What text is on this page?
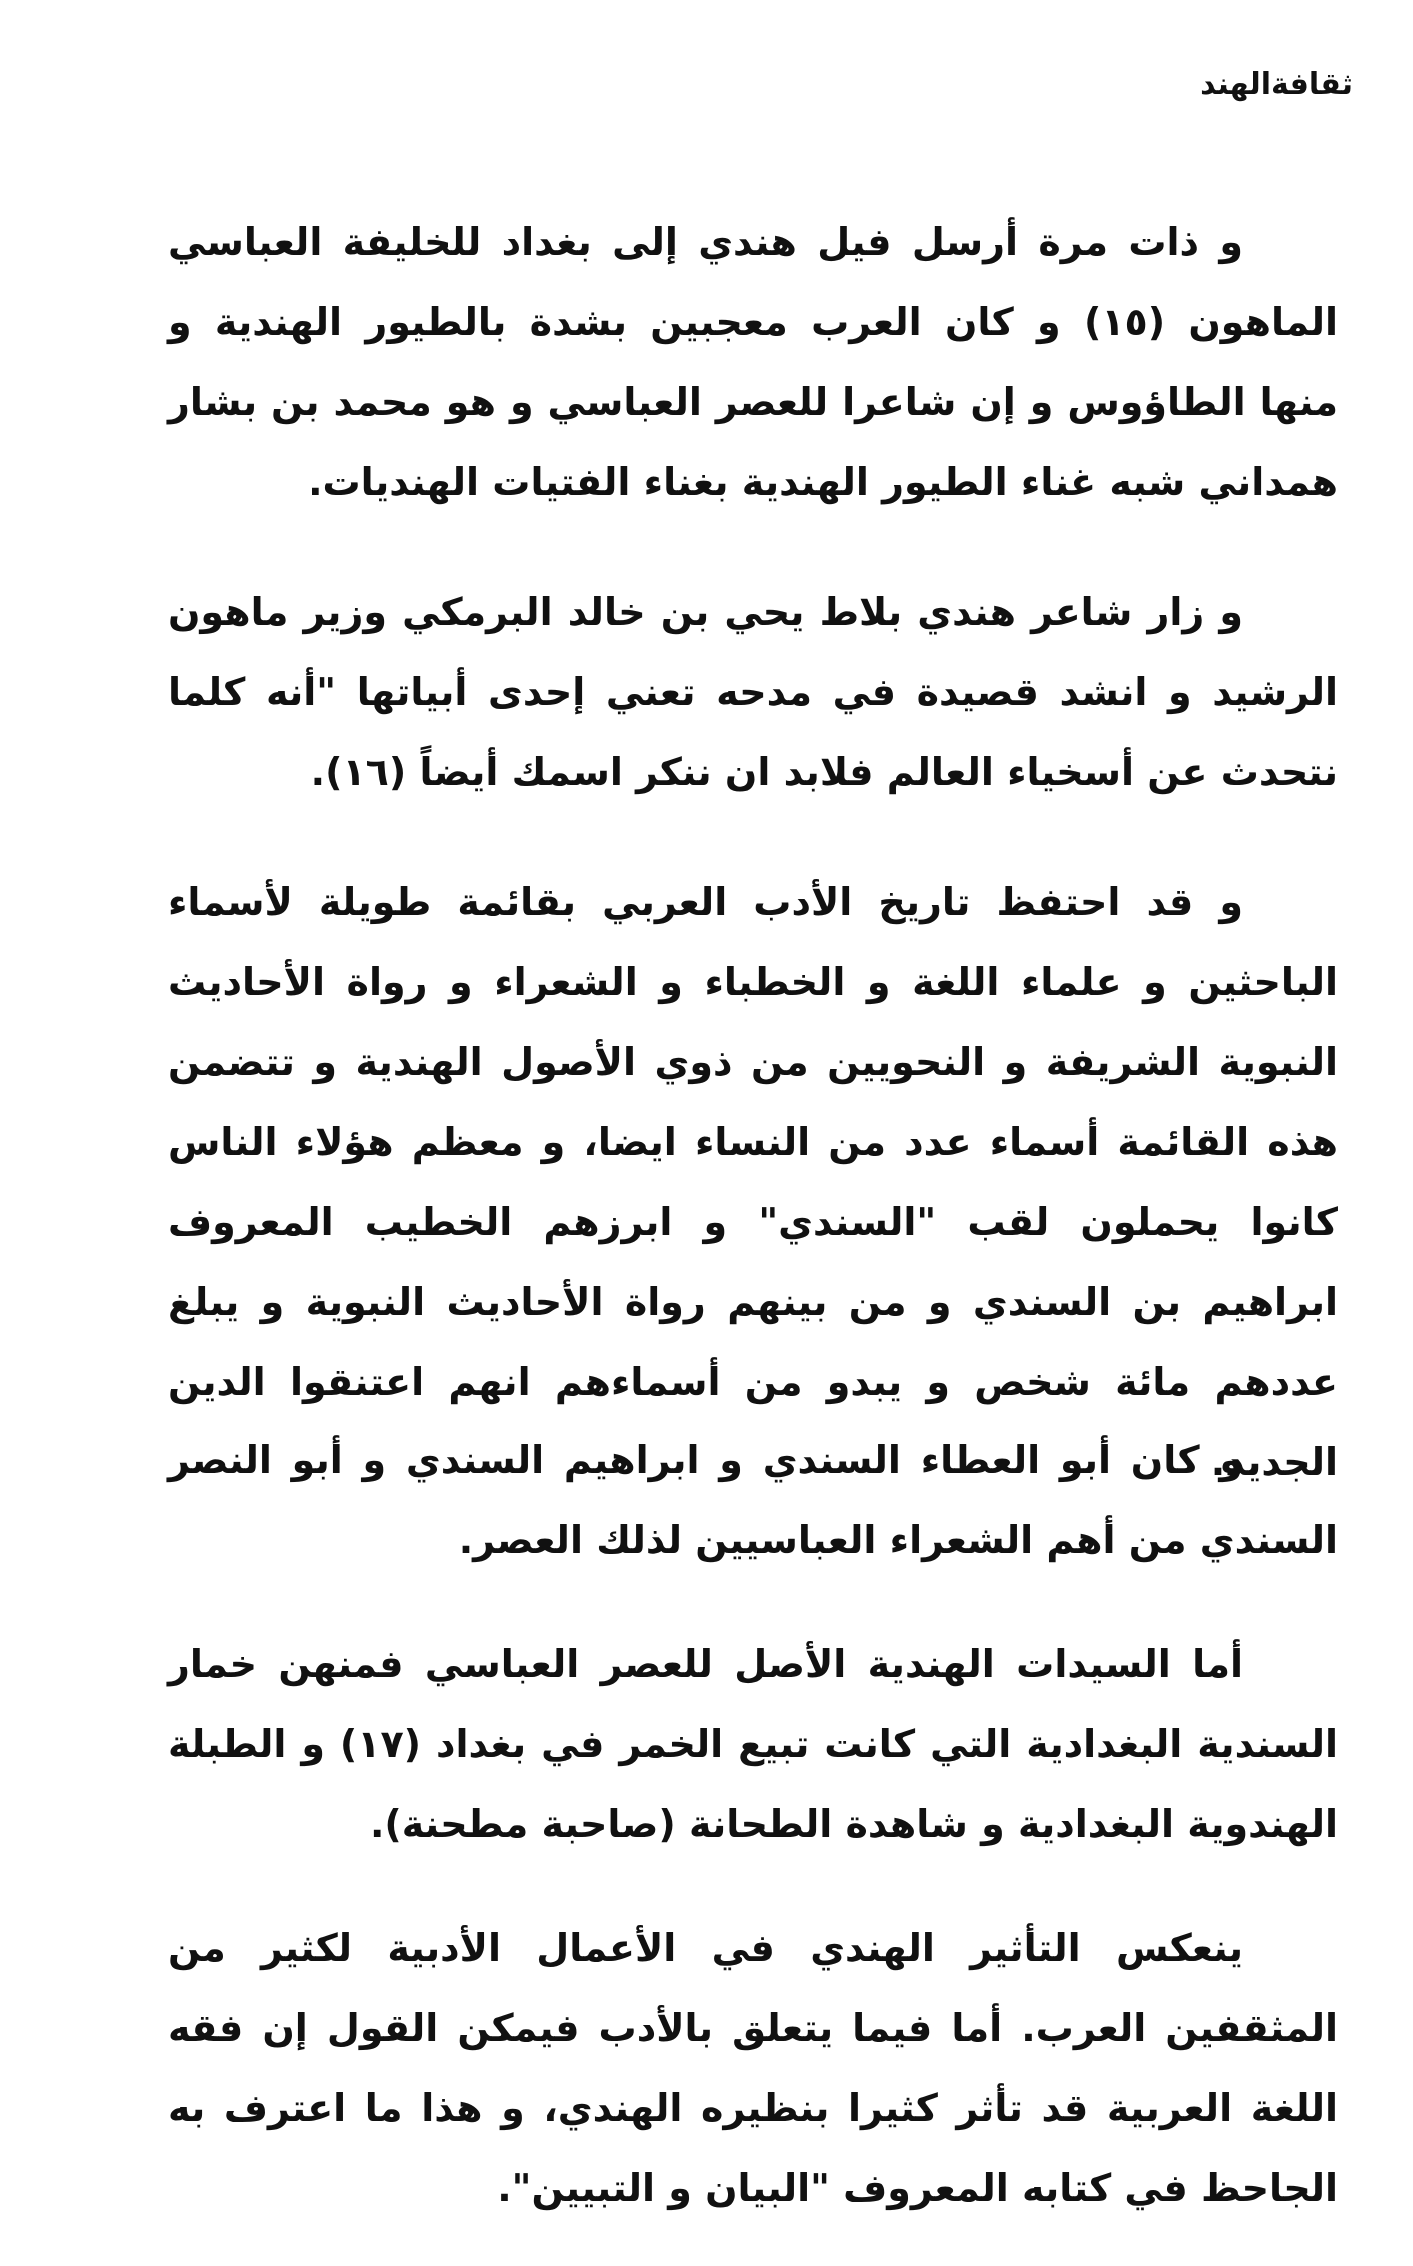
ثقافةالهند

و ذات مرة أرسل فيل هندي إلى بغداد للخليفة العباسي الماهون (١٥) و كان العرب معجبين بشدة بالطيور الهندية و منها الطاؤوس و إن شاعرا للعصر العباسي و هو محمد بن بشار همداني شبه غناء الطيور الهندية بغناء الفتيات الهنديات.

و زار شاعر هندي بلاط يحي بن خالد البرمكي وزير ماهون الرشيد و انشد قصيدة في مدحه تعني إحدى أبياتها "أنه كلما نتحدث عن أسخياء العالم فلابد ان ننكر اسمك أيضاً (١٦).

و قد احتفظ تاريخ الأدب العربي بقائمة طويلة لأسماء الباحثين و علماء اللغة و الخطباء و الشعراء و رواة الأحاديث النبوية الشريفة و النحويين من ذوي الأصول الهندية و تتضمن هذه القائمة أسماء عدد من النساء ايضا، و معظم هؤلاء الناس كانوا يحملون لقب "السندي" و ابرزهم الخطيب المعروف ابراهيم بن السندي و من بينهم رواة الأحاديث النبوية و يبلغ عددهم مائة شخص و يبدو من أسماءهم انهم اعتنقوا الدين الجديد.

و كان أبو العطاء السندي و ابراهيم السندي و أبو النصر السندي من أهم الشعراء العباسيين لذلك العصر.

أما السيدات الهندية الأصل للعصر العباسي فمنهن خمار السندية البغدادية التي كانت تبيع الخمر في بغداد (١٧) و الطبلة الهندوية البغدادية و شاهدة الطحانة (صاحبة مطحنة).

ينعكس التأثير الهندي في الأعمال الأدبية لكثير من المثقفين العرب. أما فيما يتعلق بالأدب فيمكن القول إن فقه اللغة العربية قد تأثر كثيرا بنظيره الهندي، و هذا ما اعترف به الجاحظ في كتابه المعروف "البيان و التبيين".
